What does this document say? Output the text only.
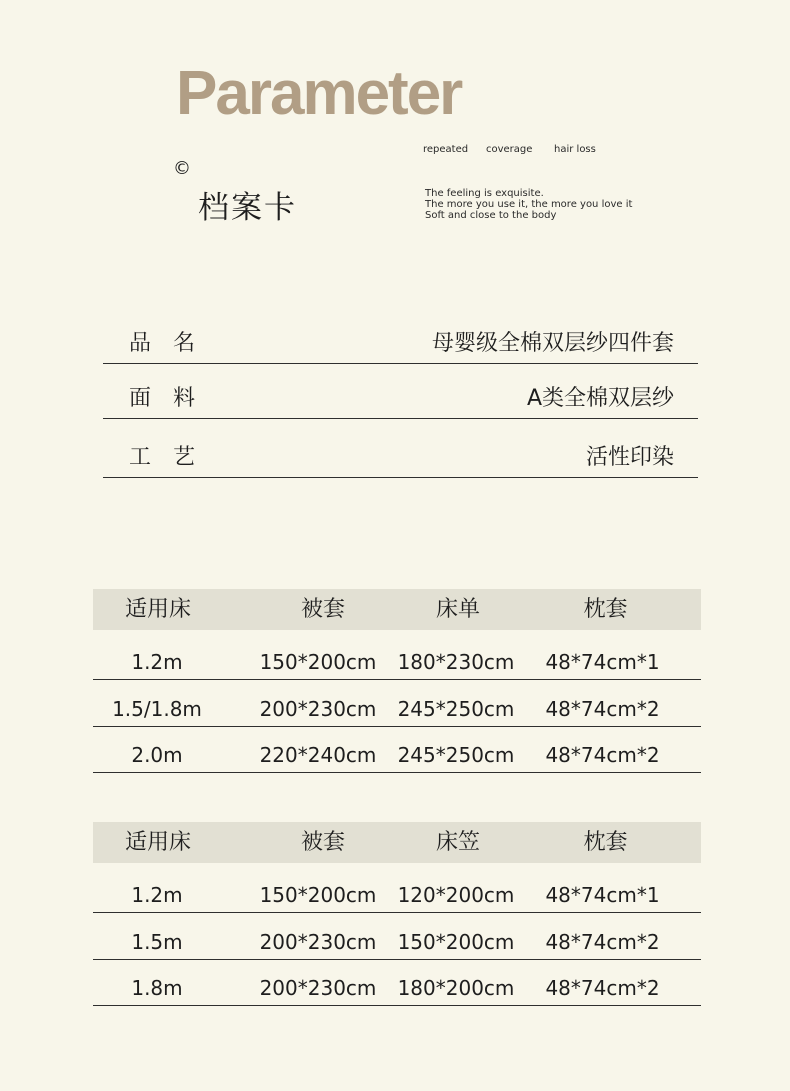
Parameter
©
档案卡
repeated coverage hair loss
The feeling is exquisite.
The more you use it, the more you love it
Soft and close to the body
品名	母婴级全棉双层纱四件套
面料	A类全棉双层纱
工艺	活性印染
适用床	被套	床单	枕套
1.2m	150*200cm	180*230cm	48*74cm*1
1.5/1.8m	200*230cm	245*250cm	48*74cm*2
2.0m	220*240cm	245*250cm	48*74cm*2
适用床	被套	床笠	枕套
1.2m	150*200cm	120*200cm	48*74cm*1
1.5m	200*230cm	150*200cm	48*74cm*2
1.8m	200*230cm	180*200cm	48*74cm*2
